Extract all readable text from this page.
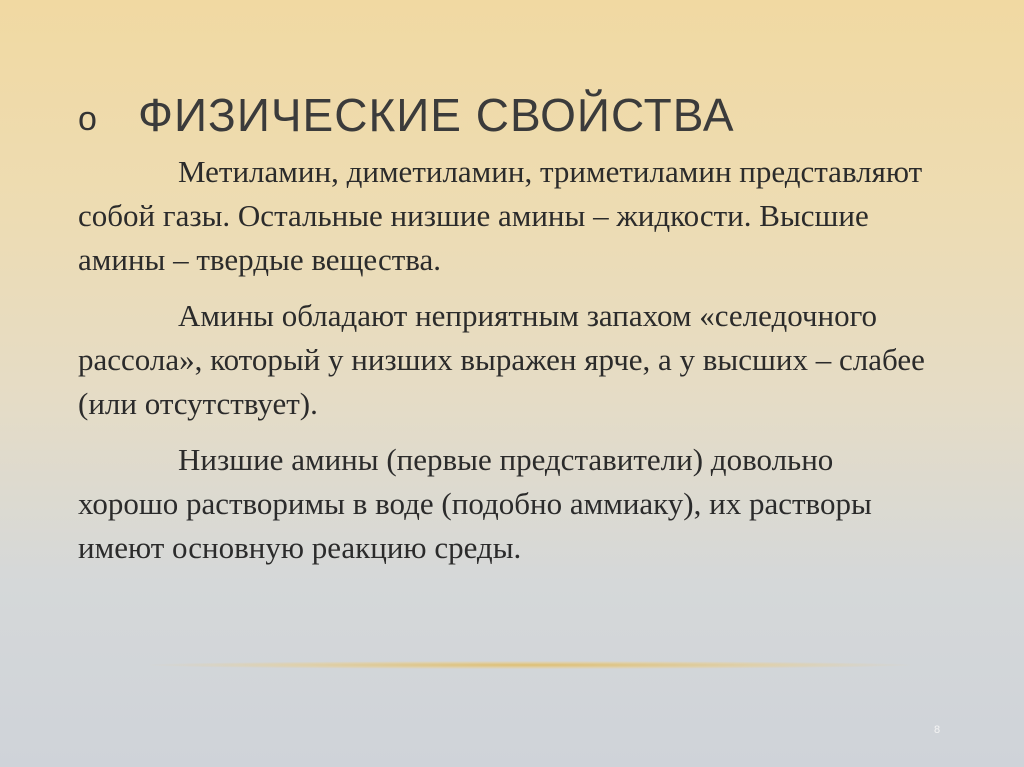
o ФИЗИЧЕСКИЕ СВОЙСТВА

Метиламин, диметиламин, триметиламин представляют собой газы. Остальные низшие амины – жидкости. Высшие амины – твердые вещества.

Амины обладают неприятным запахом «селедочного рассола», который у низших выражен ярче, а у высших – слабее (или отсутствует).

Низшие амины (первые представители) довольно хорошо растворимы в воде (подобно аммиаку), их растворы имеют основную реакцию среды.

8
